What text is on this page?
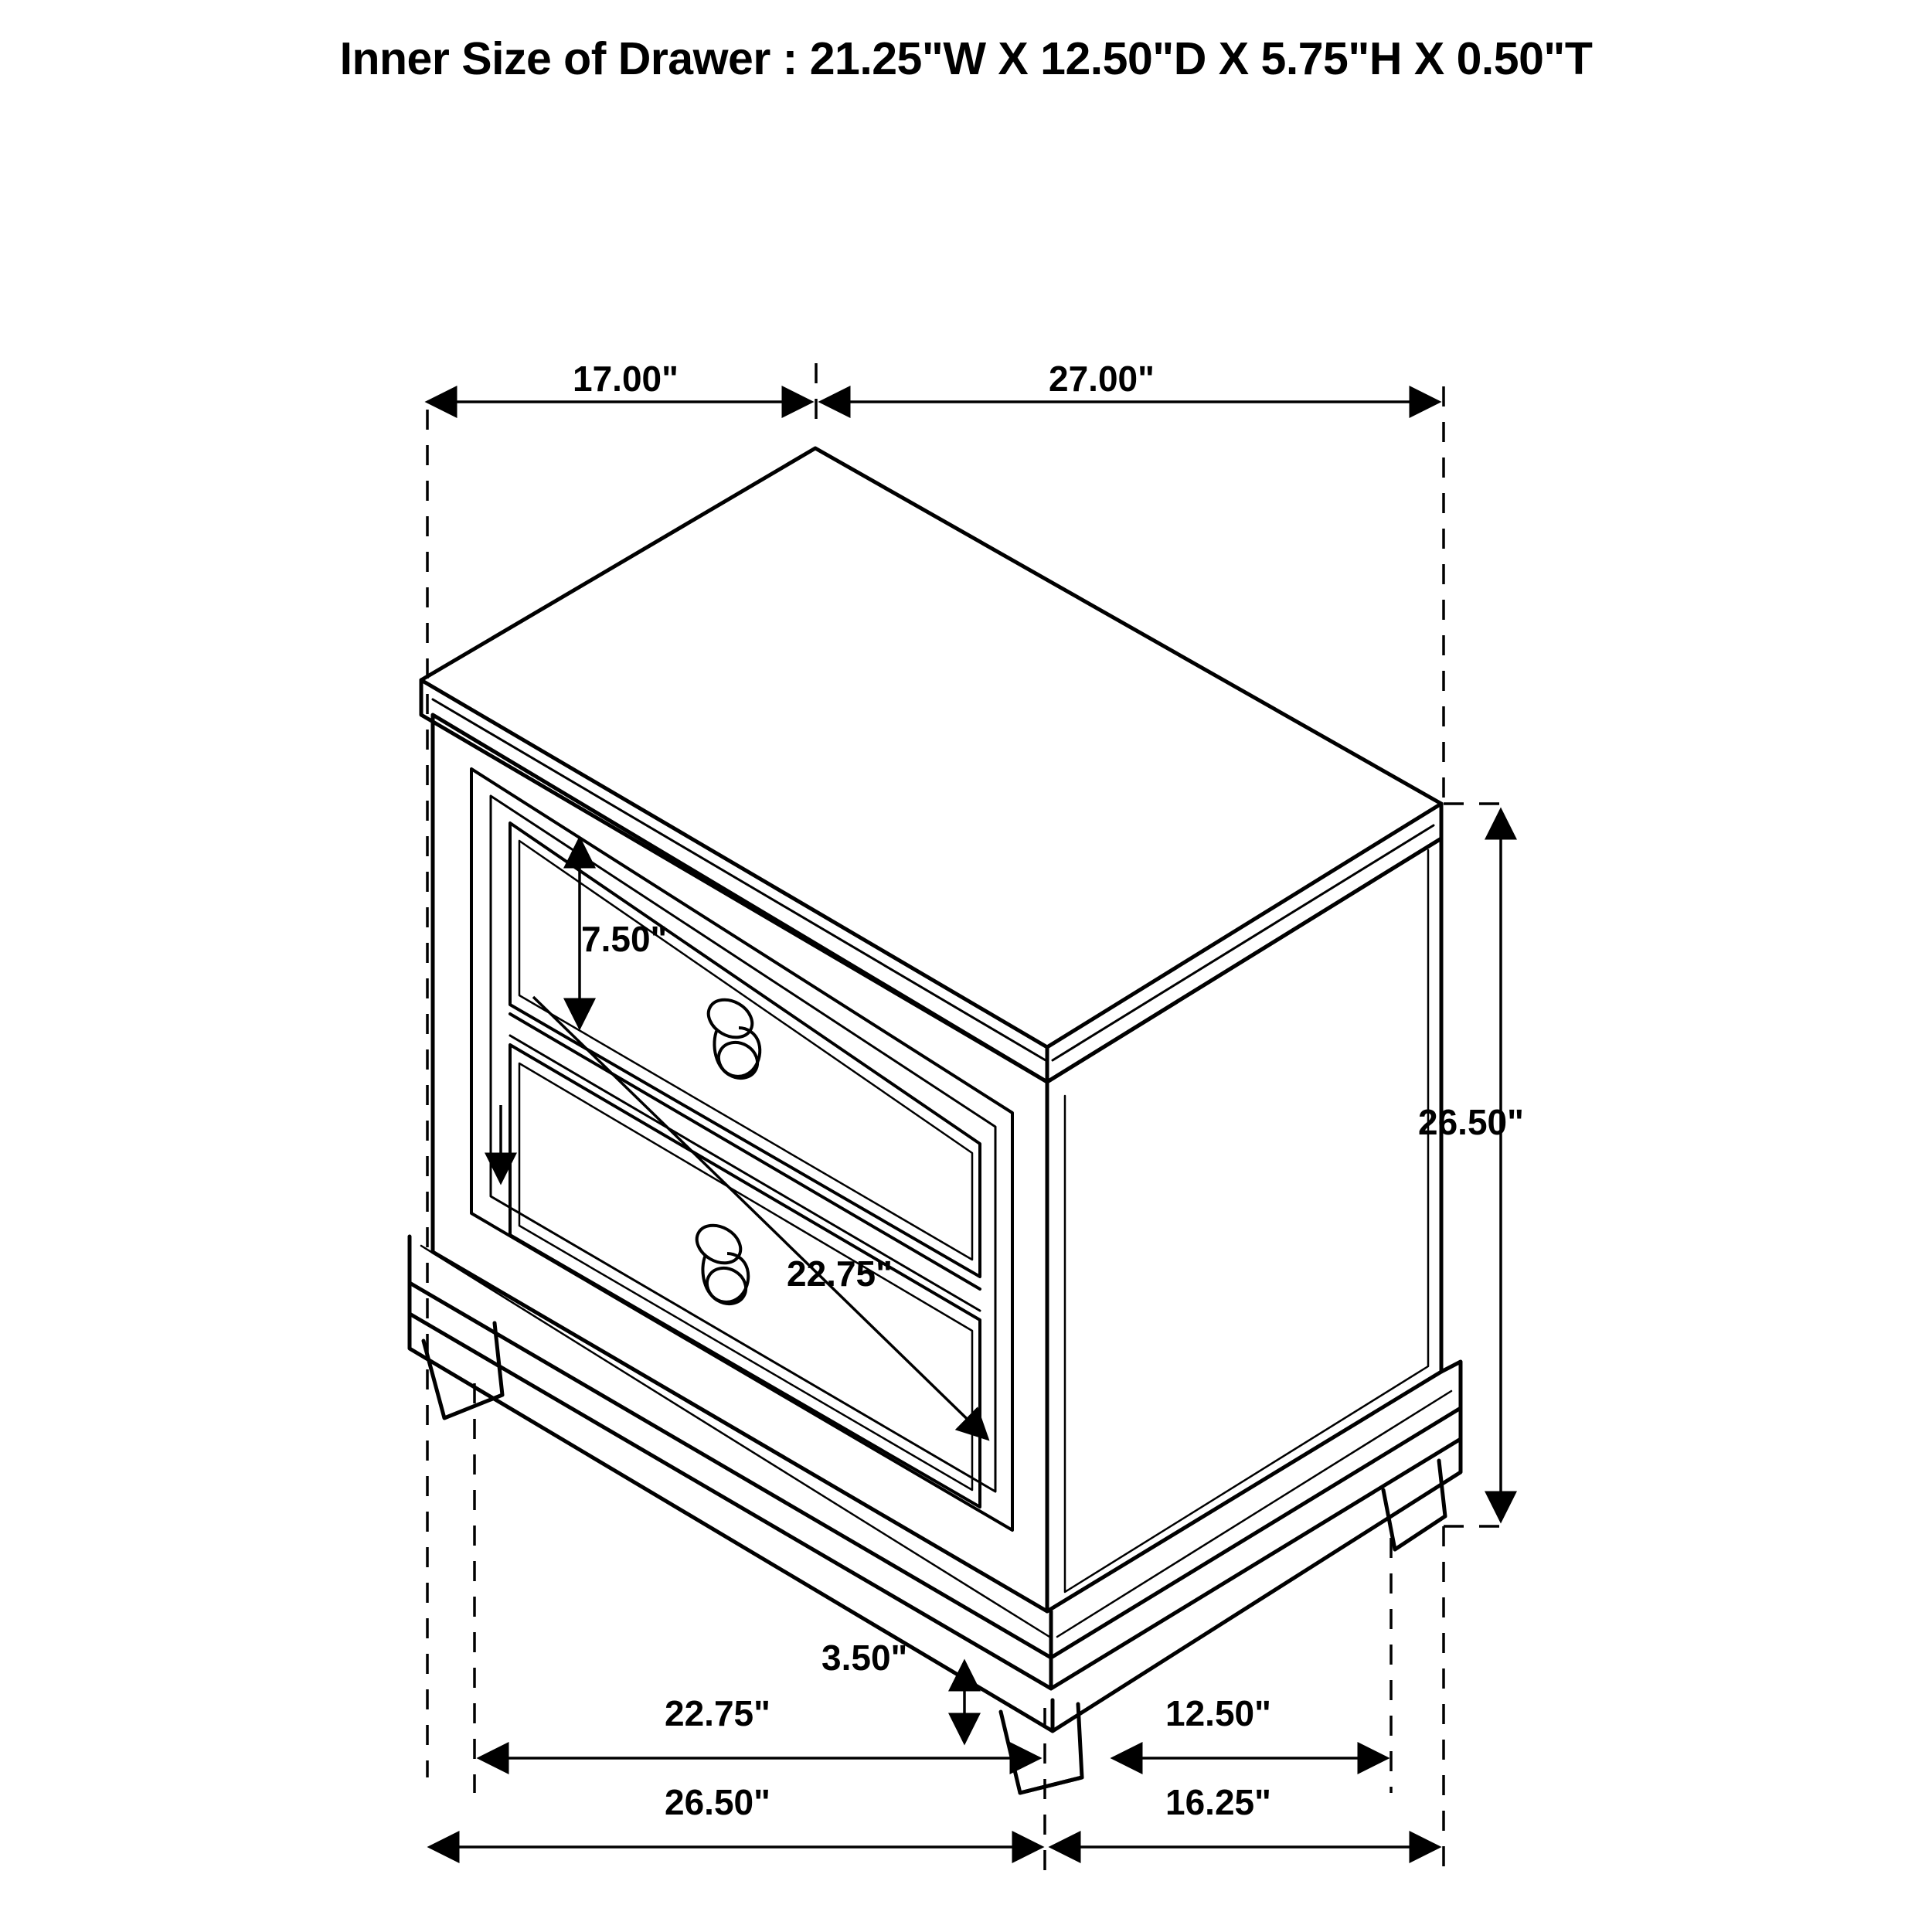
Inner Size of Drawer : 21.25"W X 12.50"D X 5.75"H X 0.50"T
17.00"	27.00"
7.50"
22.75"
26.50"
3.50"
22.75"	12.50"
26.50"	16.25"
